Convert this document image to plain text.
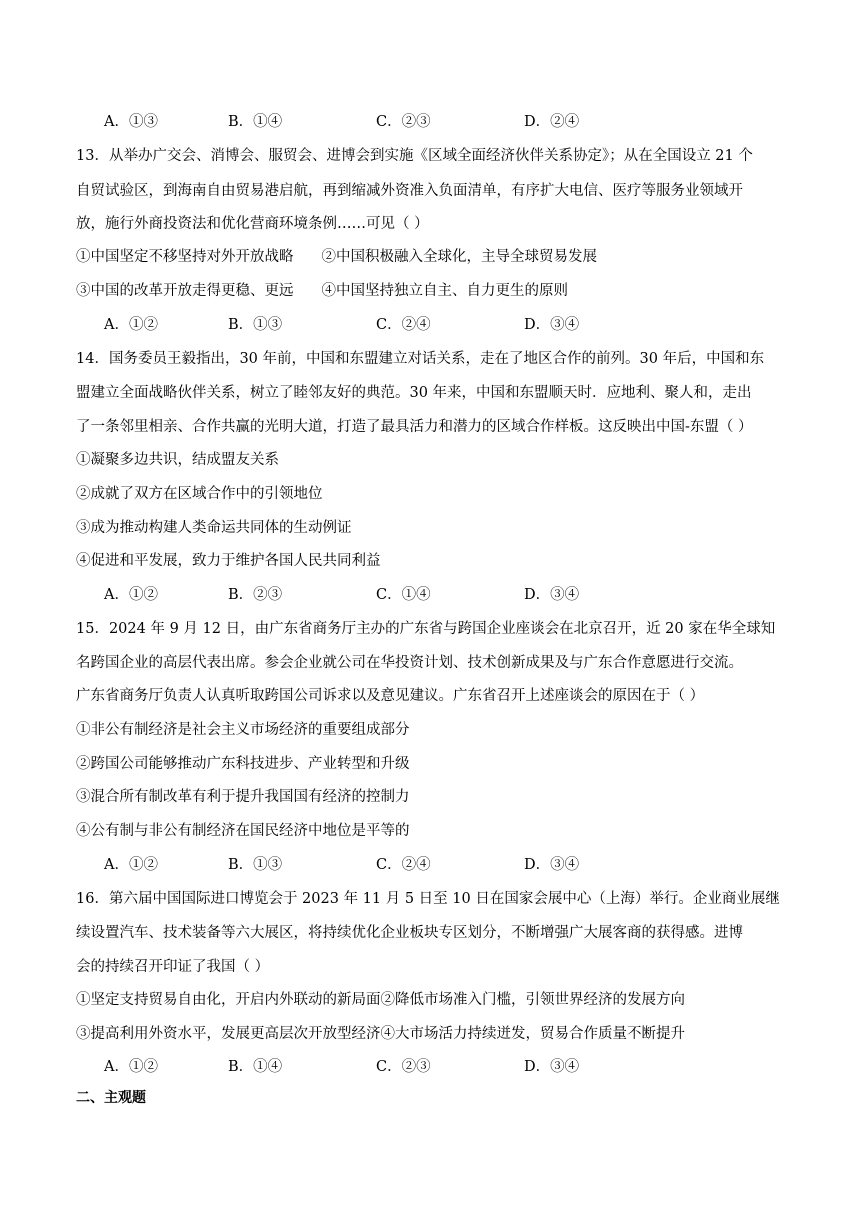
A．①③	B．①④	C．②③	D．②④
13．从举办广交会、消博会、服贸会、进博会到实施《区域全面经济伙伴关系协定》；从在全国设立 21 个
自贸试验区，到海南自由贸易港启航，再到缩减外资准入负面清单，有序扩大电信、医疗等服务业领域开
放，施行外商投资法和优化营商环境条例……可见（ ）
①中国坚定不移坚持对外开放战略 ②中国积极融入全球化，主导全球贸易发展
③中国的改革开放走得更稳、更远 ④中国坚持独立自主、自力更生的原则
A．①②	B．①③	C．②④	D．③④
14．国务委员王毅指出，30 年前，中国和东盟建立对话关系，走在了地区合作的前列。30 年后，中国和东
盟建立全面战略伙伴关系，树立了睦邻友好的典范。30 年来，中国和东盟顺天时．应地利、聚人和，走出
了一条邻里相亲、合作共赢的光明大道，打造了最具活力和潜力的区域合作样板。这反映出中国-东盟（ ）
①凝聚多边共识，结成盟友关系
②成就了双方在区域合作中的引领地位
③成为推动构建人类命运共同体的生动例证
④促进和平发展，致力于维护各国人民共同利益
A．①②	B．②③	C．①④	D．③④
15．2024 年 9 月 12 日，由广东省商务厅主办的广东省与跨国企业座谈会在北京召开，近 20 家在华全球知
名跨国企业的高层代表出席。参会企业就公司在华投资计划、技术创新成果及与广东合作意愿进行交流。
广东省商务厅负责人认真听取跨国公司诉求以及意见建议。广东省召开上述座谈会的原因在于（ ）
①非公有制经济是社会主义市场经济的重要组成部分
②跨国公司能够推动广东科技进步、产业转型和升级
③混合所有制改革有利于提升我国国有经济的控制力
④公有制与非公有制经济在国民经济中地位是平等的
A．①②	B．①③	C．②④	D．③④
16．第六届中国国际进口博览会于 2023 年 11 月 5 日至 10 日在国家会展中心（上海）举行。企业商业展继
续设置汽车、技术装备等六大展区，将持续优化企业板块专区划分，不断增强广大展客商的获得感。进博
会的持续召开印证了我国（ ）
①坚定支持贸易自由化，开启内外联动的新局面②降低市场准入门槛，引领世界经济的发展方向
③提高利用外资水平，发展更高层次开放型经济④大市场活力持续迸发，贸易合作质量不断提升
A．①②	B．①④	C．②③	D．③④
二、主观题
